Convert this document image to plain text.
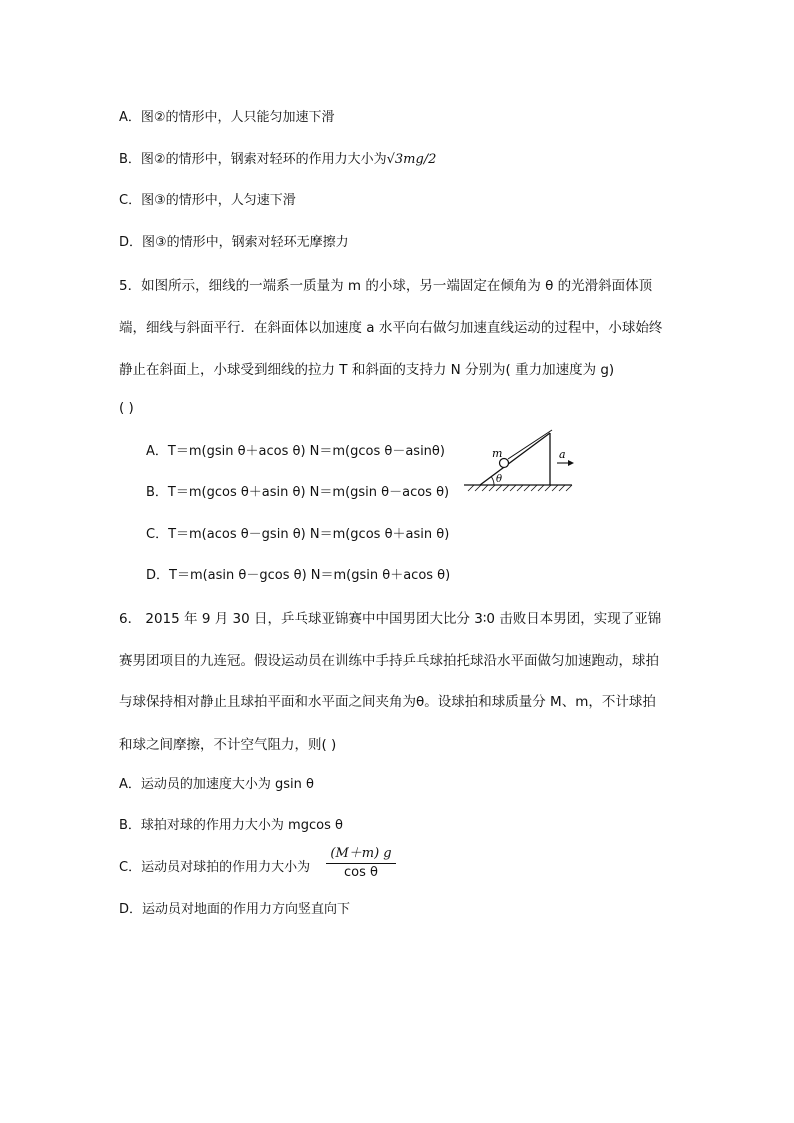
A．图②的情形中，人只能匀加速下滑
B．图②的情形中，钢索对轻环的作用力大小为√3mg/2
C．图③的情形中，人匀速下滑
D．图③的情形中，钢索对轻环无摩擦力
5．如图所示，细线的一端系一质量为 m 的小球，另一端固定在倾角为 θ 的光滑斜面体顶
端，细线与斜面平行．在斜面体以加速度 a 水平向右做匀加速直线运动的过程中，小球始终
静止在斜面上，小球受到细线的拉力 T 和斜面的支持力 N 分别为( 重力加速度为 g)
( )
A．T＝m(gsin θ＋acos θ) N＝m(gcos θ－asinθ)
B．T＝m(gcos θ＋asin θ) N＝m(gsin θ－acos θ)
C．T＝m(acos θ－gsin θ) N＝m(gcos θ＋asin θ)
D．T＝m(asin θ－gcos θ) N＝m(gsin θ＋acos θ)
m	a
θ
6． 2015 年 9 月 30 日，乒乓球亚锦赛中中国男团大比分 3∶0 击败日本男团，实现了亚锦
赛男团项目的九连冠。假设运动员在训练中手持乒乓球拍托球沿水平面做匀加速跑动，球拍
与球保持相对静止且球拍平面和水平面之间夹角为θ。设球拍和球质量分 M、m，不计球拍
和球之间摩擦，不计空气阻力，则( )
A．运动员的加速度大小为 gsin θ
B．球拍对球的作用力大小为 mgcos θ
C．运动员对球拍的作用力大小为
(M＋m) g
cos θ
D．运动员对地面的作用力方向竖直向下
